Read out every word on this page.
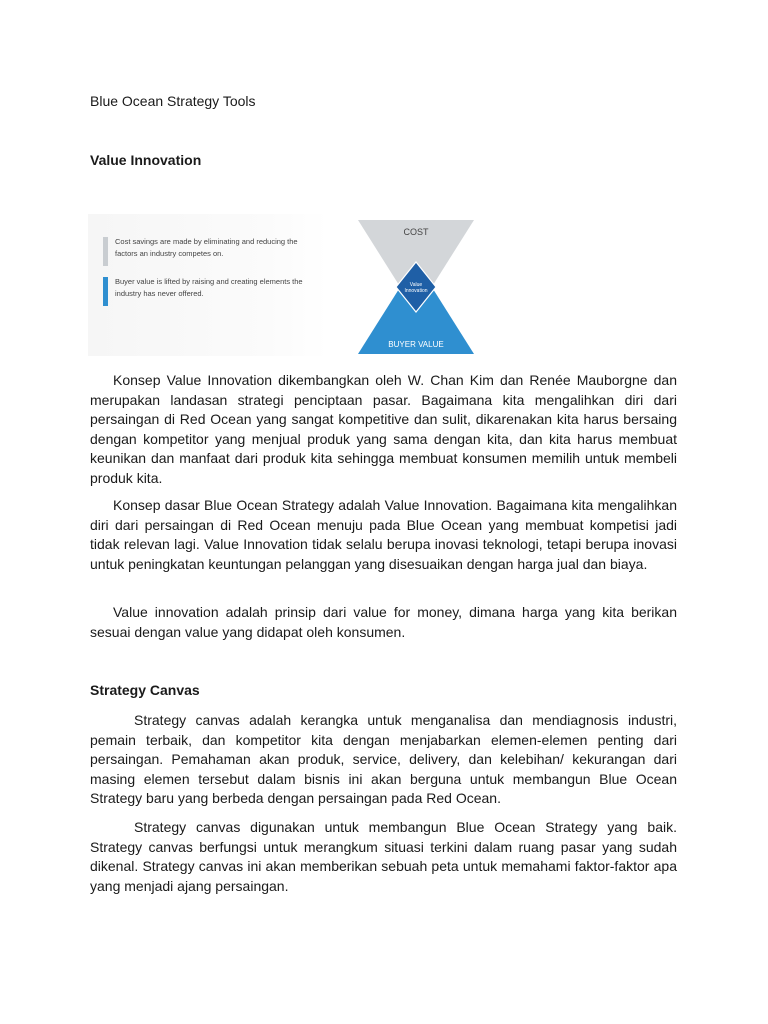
Blue Ocean Strategy Tools
Value Innovation
Cost savings are made by eliminating and reducing the factors an industry competes on.
Buyer value is lifted by raising and creating elements the industry has never offered.
COST
Value
Innovation
BUYER VALUE

Konsep Value Innovation dikembangkan oleh W. Chan Kim dan Renée Mauborgne dan merupakan landasan strategi penciptaan pasar. Bagaimana kita mengalihkan diri dari persaingan di Red Ocean yang sangat kompetitive dan sulit, dikarenakan kita harus bersaing dengan kompetitor yang menjual produk yang sama dengan kita, dan kita harus membuat keunikan dan manfaat dari produk kita sehingga membuat konsumen memilih untuk membeli produk kita.

Konsep dasar Blue Ocean Strategy adalah Value Innovation. Bagaimana kita mengalihkan diri dari persaingan di Red Ocean menuju pada Blue Ocean yang membuat kompetisi jadi tidak relevan lagi. Value Innovation tidak selalu berupa inovasi teknologi, tetapi berupa inovasi untuk peningkatan keuntungan pelanggan yang disesuaikan dengan harga jual dan biaya.

Value innovation adalah prinsip dari value for money, dimana harga yang kita berikan sesuai dengan value yang didapat oleh konsumen.

Strategy Canvas

Strategy canvas adalah kerangka untuk menganalisa dan mendiagnosis industri, pemain terbaik, dan kompetitor kita dengan menjabarkan elemen-elemen penting dari persaingan. Pemahaman akan produk, service, delivery, dan kelebihan/ kekurangan dari masing elemen tersebut dalam bisnis ini akan berguna untuk membangun Blue Ocean Strategy baru yang berbeda dengan persaingan pada Red Ocean.

Strategy canvas digunakan untuk membangun Blue Ocean Strategy yang baik. Strategy canvas berfungsi untuk merangkum situasi terkini dalam ruang pasar yang sudah dikenal. Strategy canvas ini akan memberikan sebuah peta untuk memahami faktor-faktor apa yang menjadi ajang persaingan.
